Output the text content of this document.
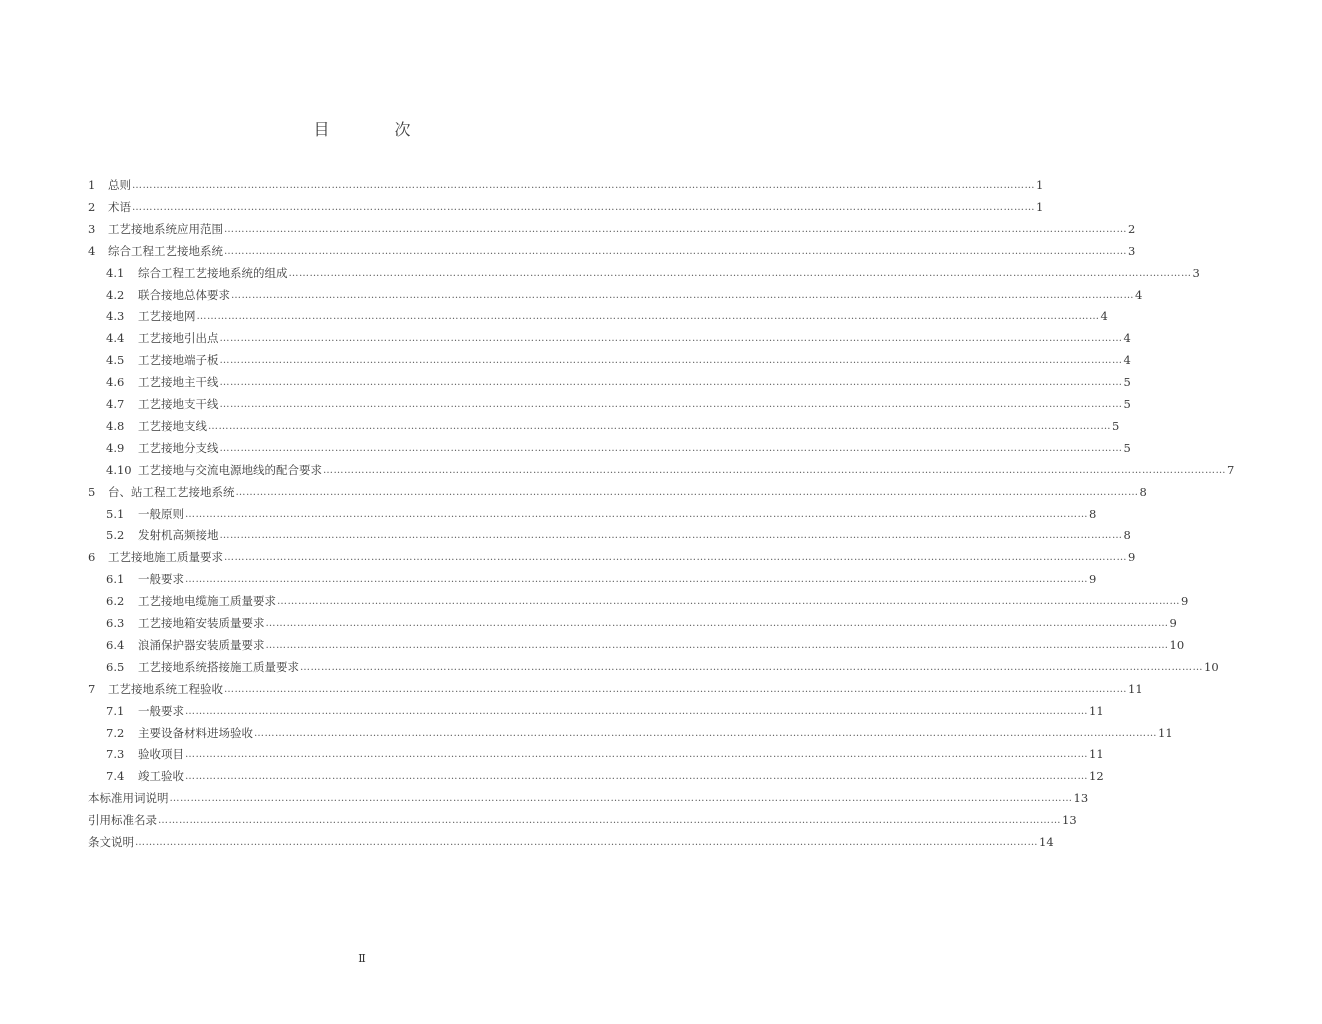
目 次
1	总则 …………………………………………………………………………………………………………………………………………………………………………………………………………………………………… 1
2	术语 …………………………………………………………………………………………………………………………………………………………………………………………………………………………………… 1
3	工艺接地系统应用范围 …………………………………………………………………………………………………………………………………………………………………………………………………………………………………… 2
4	综合工程工艺接地系统 …………………………………………………………………………………………………………………………………………………………………………………………………………………………………… 3
4.1	综合工程工艺接地系统的组成 …………………………………………………………………………………………………………………………………………………………………………………………………………………………………… 3
4.2	联合接地总体要求 …………………………………………………………………………………………………………………………………………………………………………………………………………………………………… 4
4.3	工艺接地网 …………………………………………………………………………………………………………………………………………………………………………………………………………………………………… 4
4.4	工艺接地引出点 …………………………………………………………………………………………………………………………………………………………………………………………………………………………………… 4
4.5	工艺接地端子板 …………………………………………………………………………………………………………………………………………………………………………………………………………………………………… 4
4.6	工艺接地主干线 …………………………………………………………………………………………………………………………………………………………………………………………………………………………………… 5
4.7	工艺接地支干线 …………………………………………………………………………………………………………………………………………………………………………………………………………………………………… 5
4.8	工艺接地支线 …………………………………………………………………………………………………………………………………………………………………………………………………………………………………… 5
4.9	工艺接地分支线 …………………………………………………………………………………………………………………………………………………………………………………………………………………………………… 5
4.10 工艺接地与交流电源地线的配合要求 …………………………………………………………………………………………………………………………………………………………………………………………………………………………………… 7
5	台、站工程工艺接地系统 …………………………………………………………………………………………………………………………………………………………………………………………………………………………………… 8
5.1	一般原则 …………………………………………………………………………………………………………………………………………………………………………………………………………………………………… 8
5.2	发射机高频接地 …………………………………………………………………………………………………………………………………………………………………………………………………………………………………… 8
6	工艺接地施工质量要求 …………………………………………………………………………………………………………………………………………………………………………………………………………………………………… 9
6.1	一般要求 …………………………………………………………………………………………………………………………………………………………………………………………………………………………………… 9
6.2	工艺接地电缆施工质量要求 …………………………………………………………………………………………………………………………………………………………………………………………………………………………………… 9
6.3	工艺接地箱安装质量要求 …………………………………………………………………………………………………………………………………………………………………………………………………………………………………… 9
6.4	浪涌保护器安装质量要求 …………………………………………………………………………………………………………………………………………………………………………………………………………………………………… 10
6.5	工艺接地系统搭接施工质量要求 …………………………………………………………………………………………………………………………………………………………………………………………………………………………………… 10
7	工艺接地系统工程验收 …………………………………………………………………………………………………………………………………………………………………………………………………………………………………… 11
7.1	一般要求 …………………………………………………………………………………………………………………………………………………………………………………………………………………………………… 11
7.2	主要设备材料进场验收 …………………………………………………………………………………………………………………………………………………………………………………………………………………………………… 11
7.3	验收项目 …………………………………………………………………………………………………………………………………………………………………………………………………………………………………… 11
7.4	竣工验收 …………………………………………………………………………………………………………………………………………………………………………………………………………………………………… 12
本标准用词说明 …………………………………………………………………………………………………………………………………………………………………………………………………………………………………… 13
引用标准名录 …………………………………………………………………………………………………………………………………………………………………………………………………………………………………… 13
条文说明 …………………………………………………………………………………………………………………………………………………………………………………………………………………………………… 14
Ⅱ
